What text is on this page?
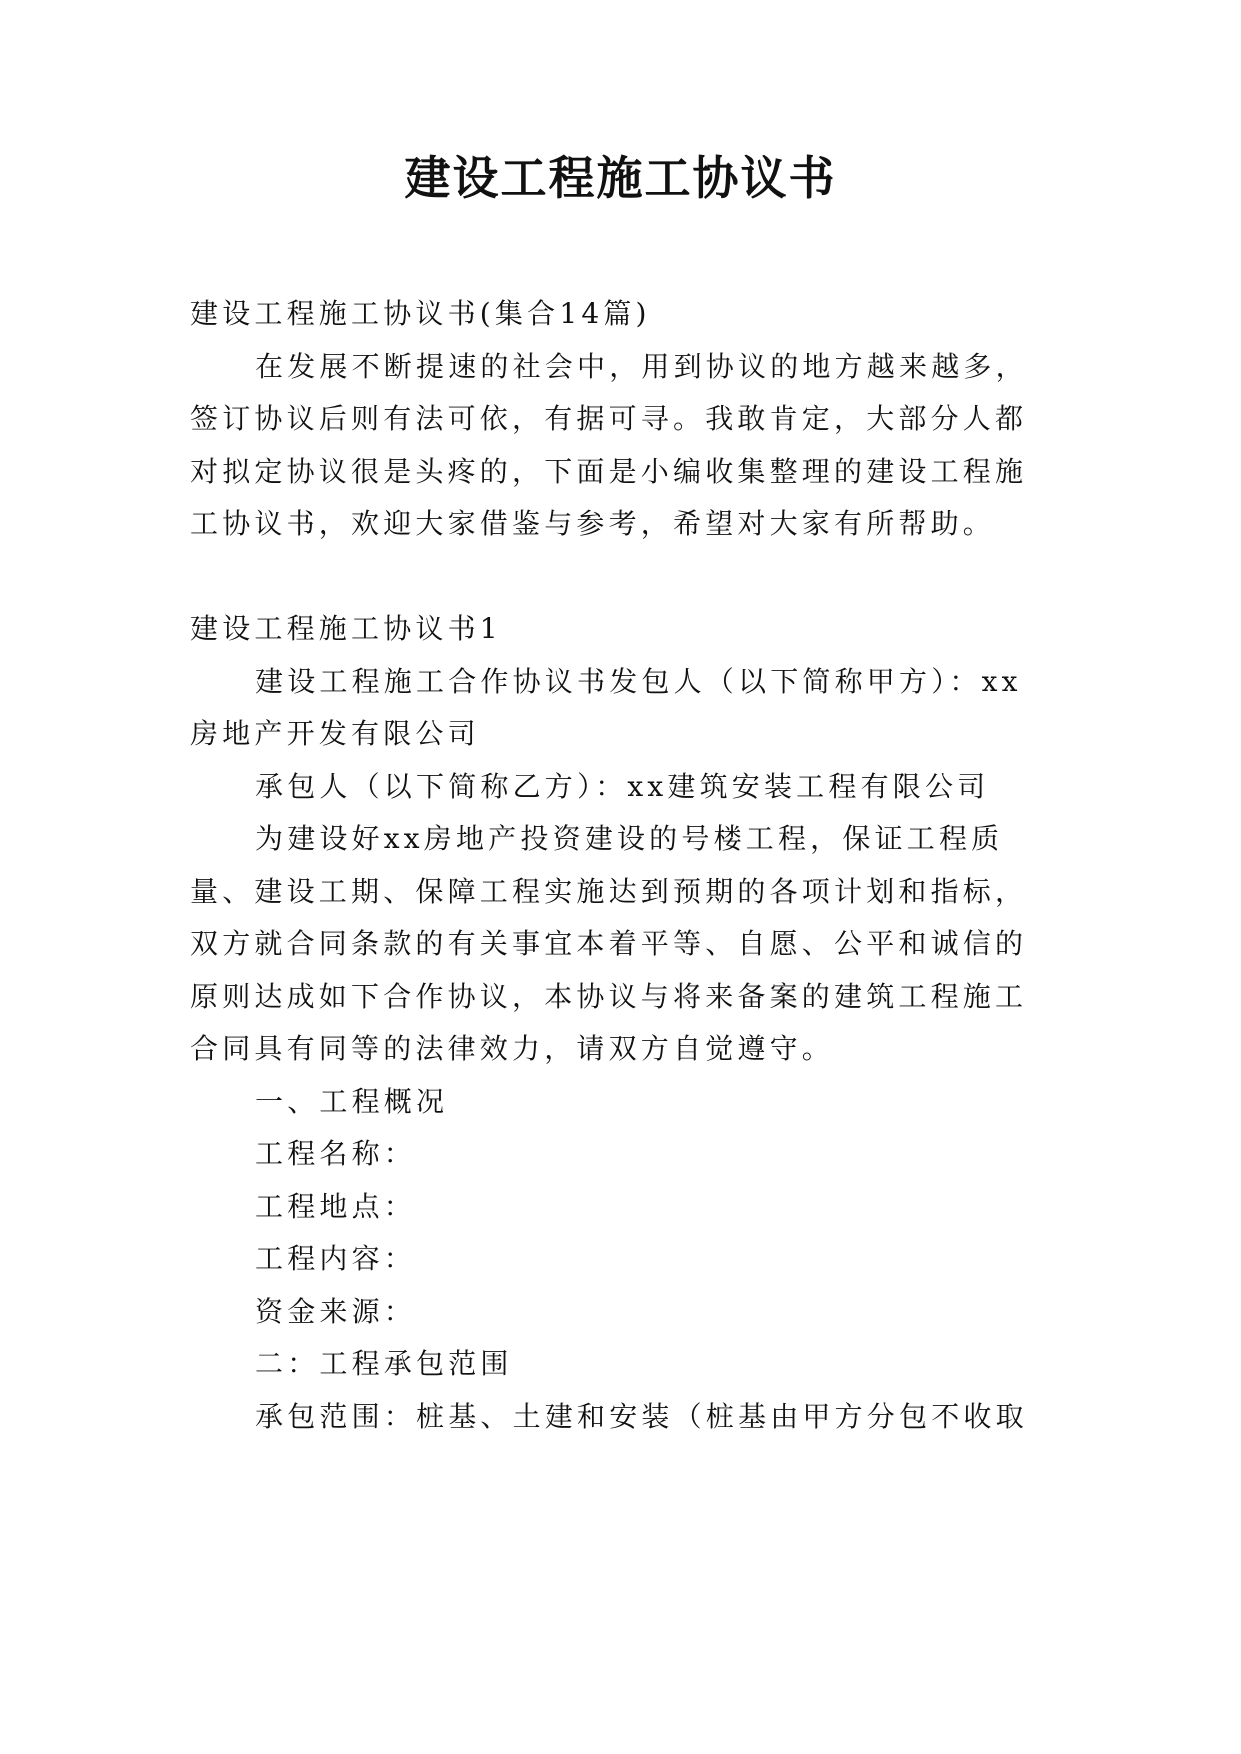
建设工程施工协议书

建设工程施工协议书(集合14篇)

在发展不断提速的社会中，用到协议的地方越来越多，

签订协议后则有法可依，有据可寻。我敢肯定，大部分人都

对拟定协议很是头疼的，下面是小编收集整理的建设工程施

工协议书，欢迎大家借鉴与参考，希望对大家有所帮助。

建设工程施工协议书1

建设工程施工合作协议书发包人（以下简称甲方）：xx

房地产开发有限公司

承包人（以下简称乙方）：xx建筑安装工程有限公司

为建设好xx房地产投资建设的号楼工程，保证工程质

量、建设工期、保障工程实施达到预期的各项计划和指标，

双方就合同条款的有关事宜本着平等、自愿、公平和诚信的

原则达成如下合作协议，本协议与将来备案的建筑工程施工

合同具有同等的法律效力，请双方自觉遵守。

一、工程概况

工程名称：

工程地点：

工程内容：

资金来源：

二：工程承包范围

承包范围：桩基、土建和安装（桩基由甲方分包不收取
